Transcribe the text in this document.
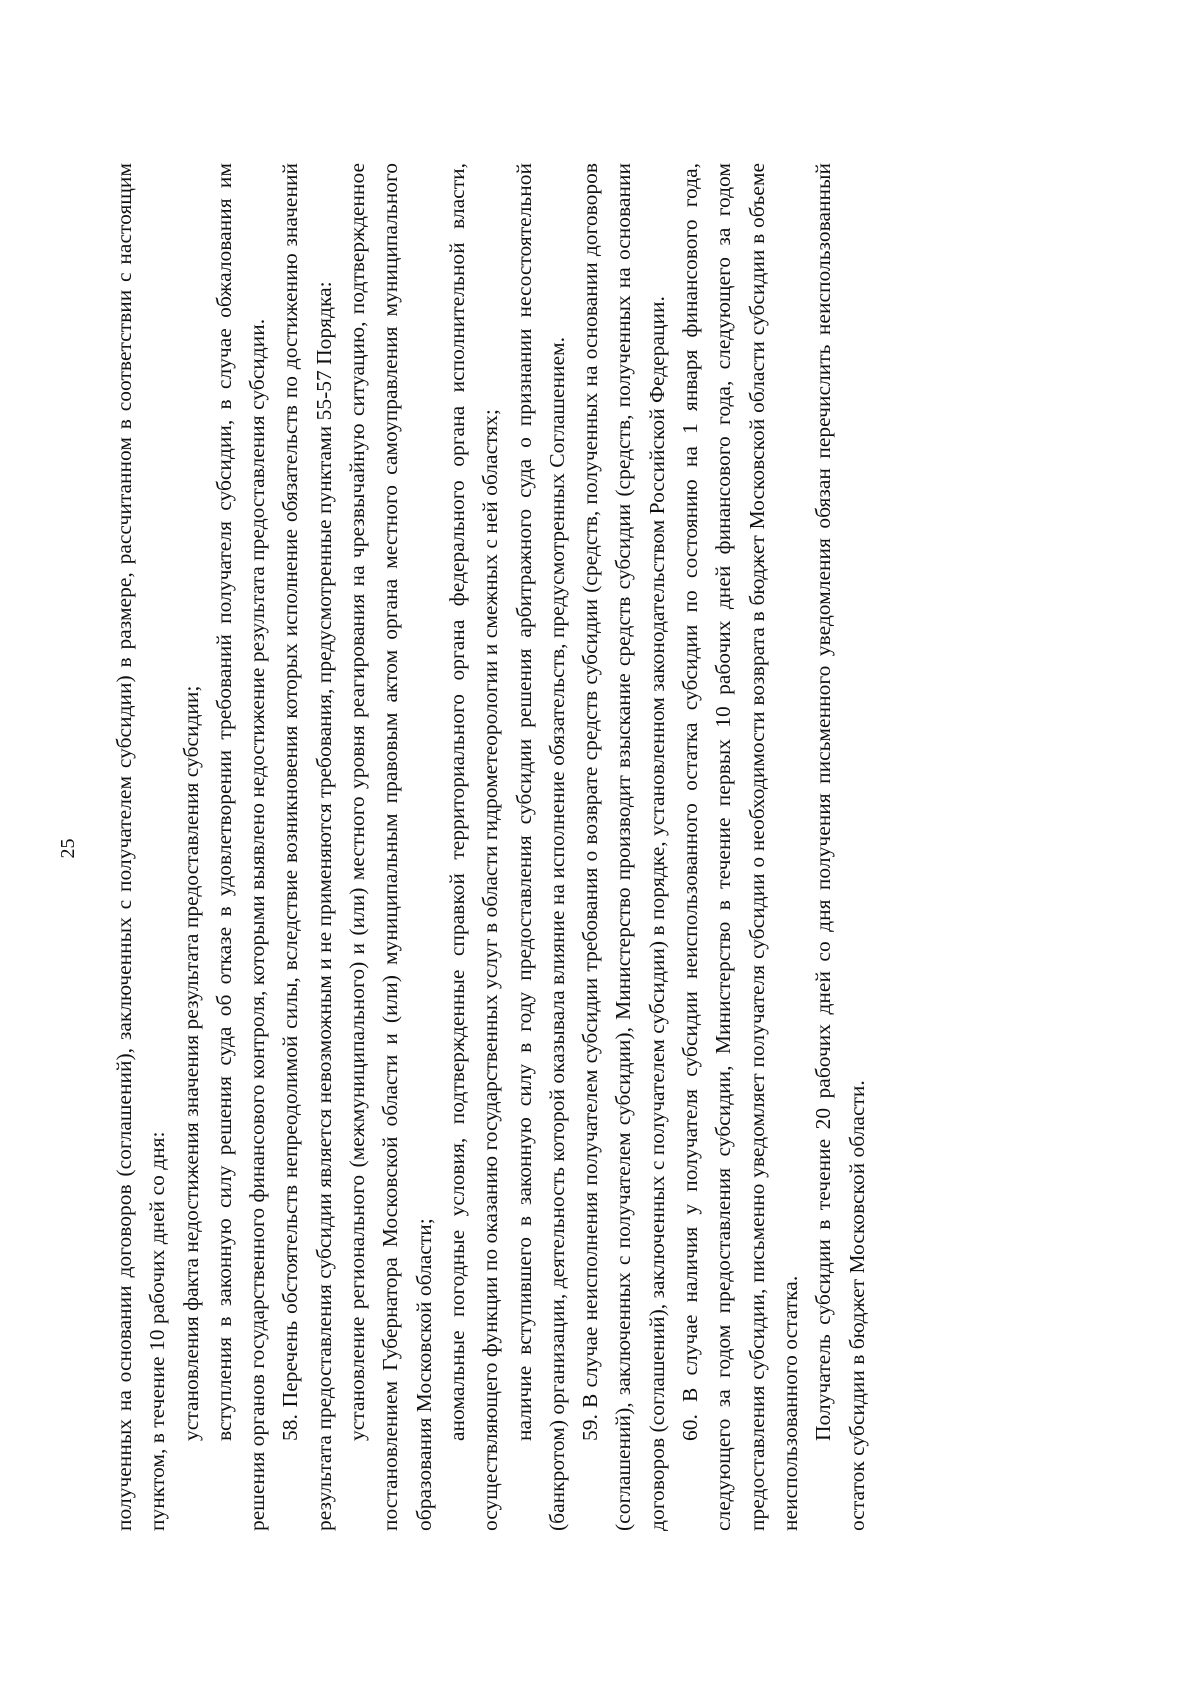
25 полученных на основании договоров (соглашений), заключенных с получателем субсидии) в размере, рассчитанном в соответствии с настоящим пунктом, в течение 10 рабочих дней со дня: установления факта недостижения значения результата предоставления субсидии; вступления в законную силу решения суда об отказе в удовлетворении требований получателя субсидии, в случае обжалования им решения органов государственного финансового контроля, которыми выявлено недостижение результата предоставления субсидии. 58. Перечень обстоятельств непреодолимой силы, вследствие возникновения которых исполнение обязательств по достижению значений результата предоставления субсидии является невозможным и не применяются требования, предусмотренные пунктами 55-57 Порядка: установление регионального (межмуниципального) и (или) местного уровня реагирования на чрезвычайную ситуацию, подтвержденное постановлением Губернатора Московской области и (или) муниципальным правовым актом органа местного самоуправления муниципального образования Московской области; аномальные погодные условия, подтвержденные справкой территориального органа федерального органа исполнительной власти, осуществляющего функции по оказанию государственных услуг в области гидрометеорологии и смежных с ней областях; наличие вступившего в законную силу в году предоставления субсидии решения арбитражного суда о признании несостоятельной (банкротом) организации, деятельность которой оказывала влияние на исполнение обязательств, предусмотренных Соглашением. 59. В случае неисполнения получателем субсидии требования о возврате средств субсидии (средств, полученных на основании договоров (соглашений), заключенных с получателем субсидии), Министерство производит взыскание средств субсидии (средств, полученных на основании договоров (соглашений), заключенных с получателем субсидии) в порядке, установленном законодательством Российской Федерации. 60. В случае наличия у получателя субсидии неиспользованного остатка субсидии по состоянию на 1 января финансового года, следующего за годом предоставления субсидии, Министерство в течение первых 10 рабочих дней финансового года, следующего за годом предоставления субсидии, письменно уведомляет получателя субсидии о необходимости возврата в бюджет Московской области субсидии в объеме неиспользованного остатка. Получатель субсидии в течение 20 рабочих дней со дня получения письменного уведомления обязан перечислить неиспользованный остаток субсидии в бюджет Московской области.
